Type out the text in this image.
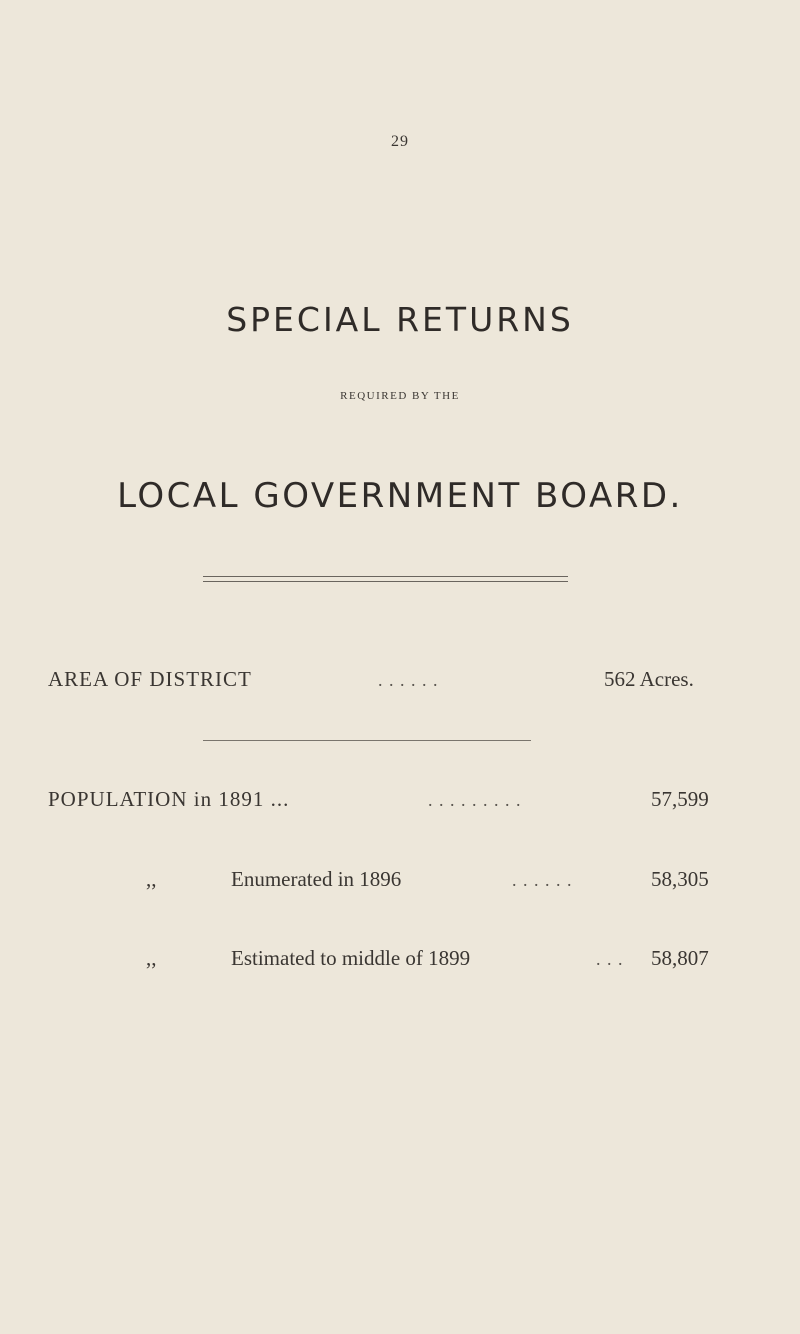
29
SPECIAL RETURNS
REQUIRED BY THE
LOCAL GOVERNMENT BOARD.
AREA OF DISTRICT	. . . . . .	562 Acres.
POPULATION in 1891 ...	. . . . . . . . .	57,599
,,	Enumerated in 1896	. . . . . .	58,305
,,	Estimated to middle of 1899	. . . 58,807
